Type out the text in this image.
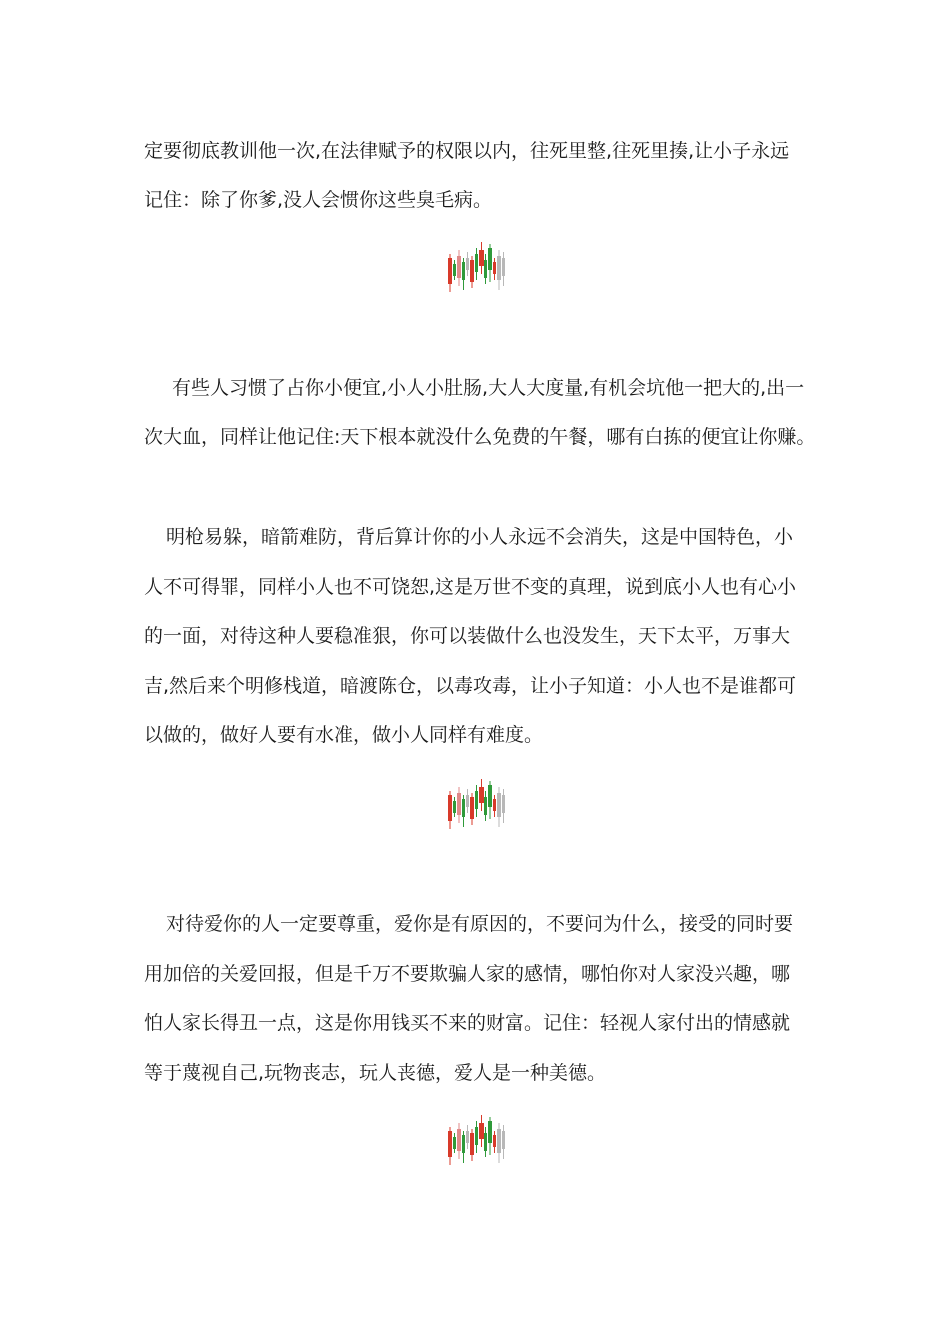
定要彻底教训他一次,在法律赋予的权限以内，往死里整,往死里揍,让小子永远
记住：除了你爹,没人会惯你这些臭毛病。
有些人习惯了占你小便宜,小人小肚肠,大人大度量,有机会坑他一把大的,出一
次大血，同样让他记住:天下根本就没什么免费的午餐，哪有白拣的便宜让你赚。
明枪易躲，暗箭难防，背后算计你的小人永远不会消失，这是中国特色，小
人不可得罪，同样小人也不可饶恕,这是万世不变的真理，说到底小人也有心小
的一面，对待这种人要稳准狠，你可以装做什么也没发生，天下太平，万事大
吉,然后来个明修栈道，暗渡陈仓，以毒攻毒，让小子知道：小人也不是谁都可
以做的，做好人要有水准，做小人同样有难度。
对待爱你的人一定要尊重，爱你是有原因的，不要问为什么，接受的同时要
用加倍的关爱回报，但是千万不要欺骗人家的感情，哪怕你对人家没兴趣，哪
怕人家长得丑一点，这是你用钱买不来的财富。记住：轻视人家付出的情感就
等于蔑视自己,玩物丧志，玩人丧德，爱人是一种美德。
